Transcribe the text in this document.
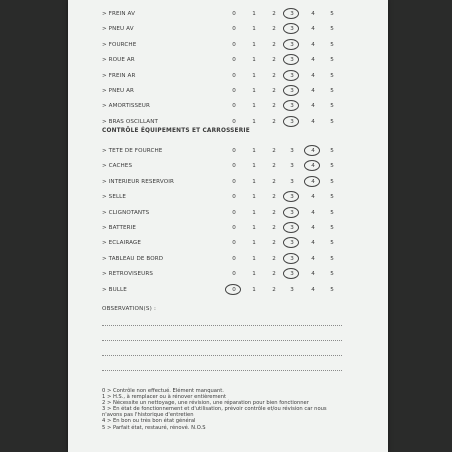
> FREIN AV	0	1	2	3	4	5
> PNEU AV	0	1	2	3	4	5
> FOURCHE	0	1	2	3	4	5
> ROUE AR	0	1	2	3	4	5
> FREIN AR	0	1	2	3	4	5
> PNEU AR	0	1	2	3	4	5
> AMORTISSEUR	0	1	2	3	4	5
> BRAS OSCILLANT	0	1	2	3	4	5
> TETE DE FOURCHE	0	1	2	3	4	5
> CACHES	0	1	2	3	4	5
> INTERIEUR RESERVOIR	0	1	2	3	4	5
> SELLE	0	1	2	3	4	5
> CLIGNOTANTS	0	1	2	3	4	5
> BATTERIE	0	1	2	3	4	5
> ECLAIRAGE	0	1	2	3	4	5
> TABLEAU DE BORD	0	1	2	3	4	5
> RETROVISEURS	0	1	2	3	4	5
> BULLE	0	1	2	3	4	5
CONTRÔLE ÉQUIPEMENTS ET CARROSSERIE
OBSERVATION(S) :
0 > Contrôle non effectué. Elément manquant.
1 > H.S., à remplacer ou à rénover entièrement
2 > Nécessite un nettoyage, une révision, une réparation pour bien fonctionner
3 > En état de fonctionnement et d'utilisation, prévoir contrôle et/ou révision car nous
n'avons pas l'historique d'entretien
4 > En bon ou très bon état général
5 > Parfait état, restauré, rénové. N.O.S
